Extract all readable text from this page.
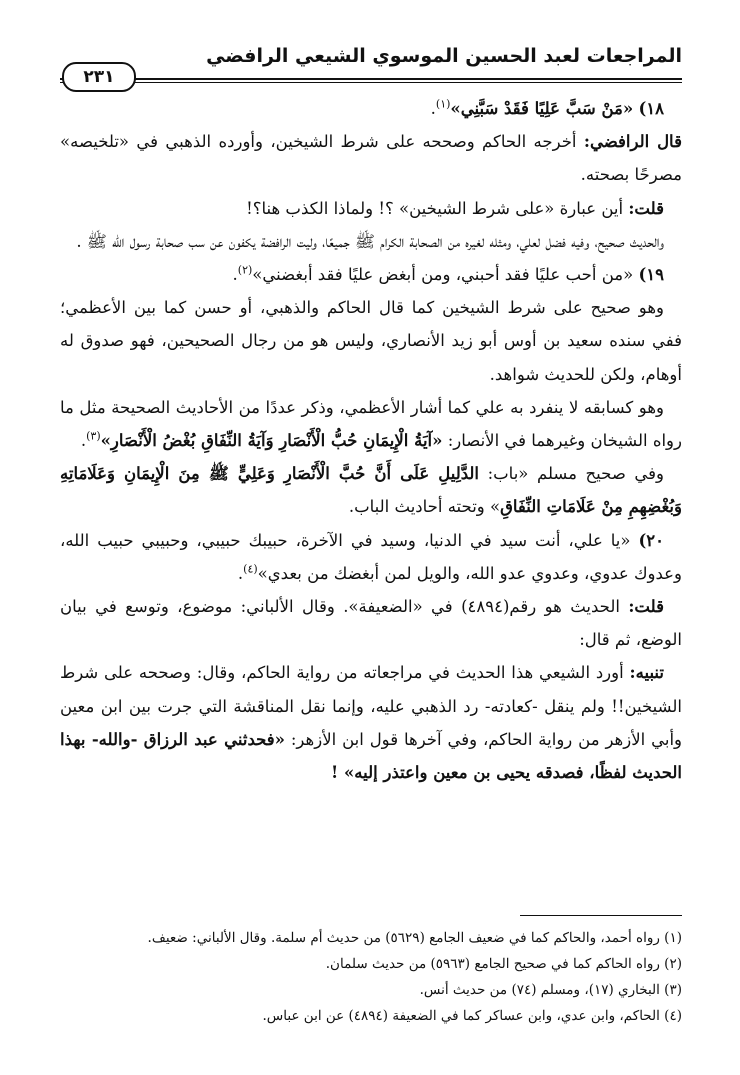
المراجعات لعبد الحسين الموسوي الشيعي الرافضي
٢٣١

١٨) «مَنْ سَبَّ عَلِيًا فَقَدْ سَبَّنِي»$^{(١)}$.

قال الرافضي: أخرجه الحاكم وصححه على شرط الشيخين، وأورده الذهبي في «تلخيصه» مصرحًا بصحته.

قلت: أين عبارة «على شرط الشيخين» ؟! ولماذا الكذب هنا؟!

والحديث صحيح، وفيه فضل لعلي، ومثله لغيره من الصحابة الكرام ﷺ جميعًا، وليت الرافضة يكفون عن سب صحابة رسول الله ﷺ .

١٩) «من أحب عليًا فقد أحبني، ومن أبغض عليًا فقد أبغضني»$^{(٢)}$.

وهو صحيح على شرط الشيخين كما قال الحاكم والذهبي، أو حسن كما بين الأعظمي؛ ففي سنده سعيد بن أوس أبو زيد الأنصاري، وليس هو من رجال الصحيحين، فهو صدوق له أوهام، ولكن للحديث شواهد.

وهو كسابقه لا ينفرد به علي كما أشار الأعظمي، وذكر عددًا من الأحاديث الصحيحة مثل ما رواه الشيخان وغيرهما في الأنصار: «آيَةُ الْإِيمَانِ حُبُّ الْأَنْصَارِ وَآيَةُ النِّفَاقِ بُغْضُ الْأَنْصَارِ»$^{(٣)}$.

وفي صحيح مسلم «باب: الدَّلِيلِ عَلَى أَنَّ حُبَّ الْأَنْصَارِ وَعَلِيٍّ ﷺ مِنَ الْإِيمَانِ وَعَلَامَاتِهِ وَبُغْضِهِمِ مِنْ عَلَامَاتِ النِّفَاقِ» وتحته أحاديث الباب.

٢٠) «يا علي، أنت سيد في الدنيا، وسيد في الآخرة، حبيبك حبيبي، وحبيبي حبيب الله، وعدوك عدوي، وعدوي عدو الله، والويل لمن أبغضك من بعدي»$^{(٤)}$.

قلت: الحديث هو رقم(٤٨٩٤) في «الضعيفة». وقال الألباني: موضوع، وتوسع في بيان الوضع، ثم قال:

تنبيه: أورد الشيعي هذا الحديث في مراجعاته من رواية الحاكم، وقال: وصححه على شرط الشيخين!! ولم ينقل -كعادته- رد الذهبي عليه، وإنما نقل المناقشة التي جرت بين ابن معين وأبي الأزهر من رواية الحاكم، وفي آخرها قول ابن الأزهر: «فحدثني عبد الرزاق -والله- بهذا الحديث لفظًا، فصدقه يحيى بن معين واعتذر إليه» !

(١) رواه أحمد، والحاكم كما في ضعيف الجامع (٥٦٢٩) من حديث أم سلمة. وقال الألباني: ضعيف.
(٢) رواه الحاكم كما في صحيح الجامع (٥٩٦٣) من حديث سلمان.
(٣) البخاري (١٧)، ومسلم (٧٤) من حديث أنس.
(٤) الحاكم، وابن عدي، وابن عساكر كما في الضعيفة (٤٨٩٤) عن ابن عباس.
